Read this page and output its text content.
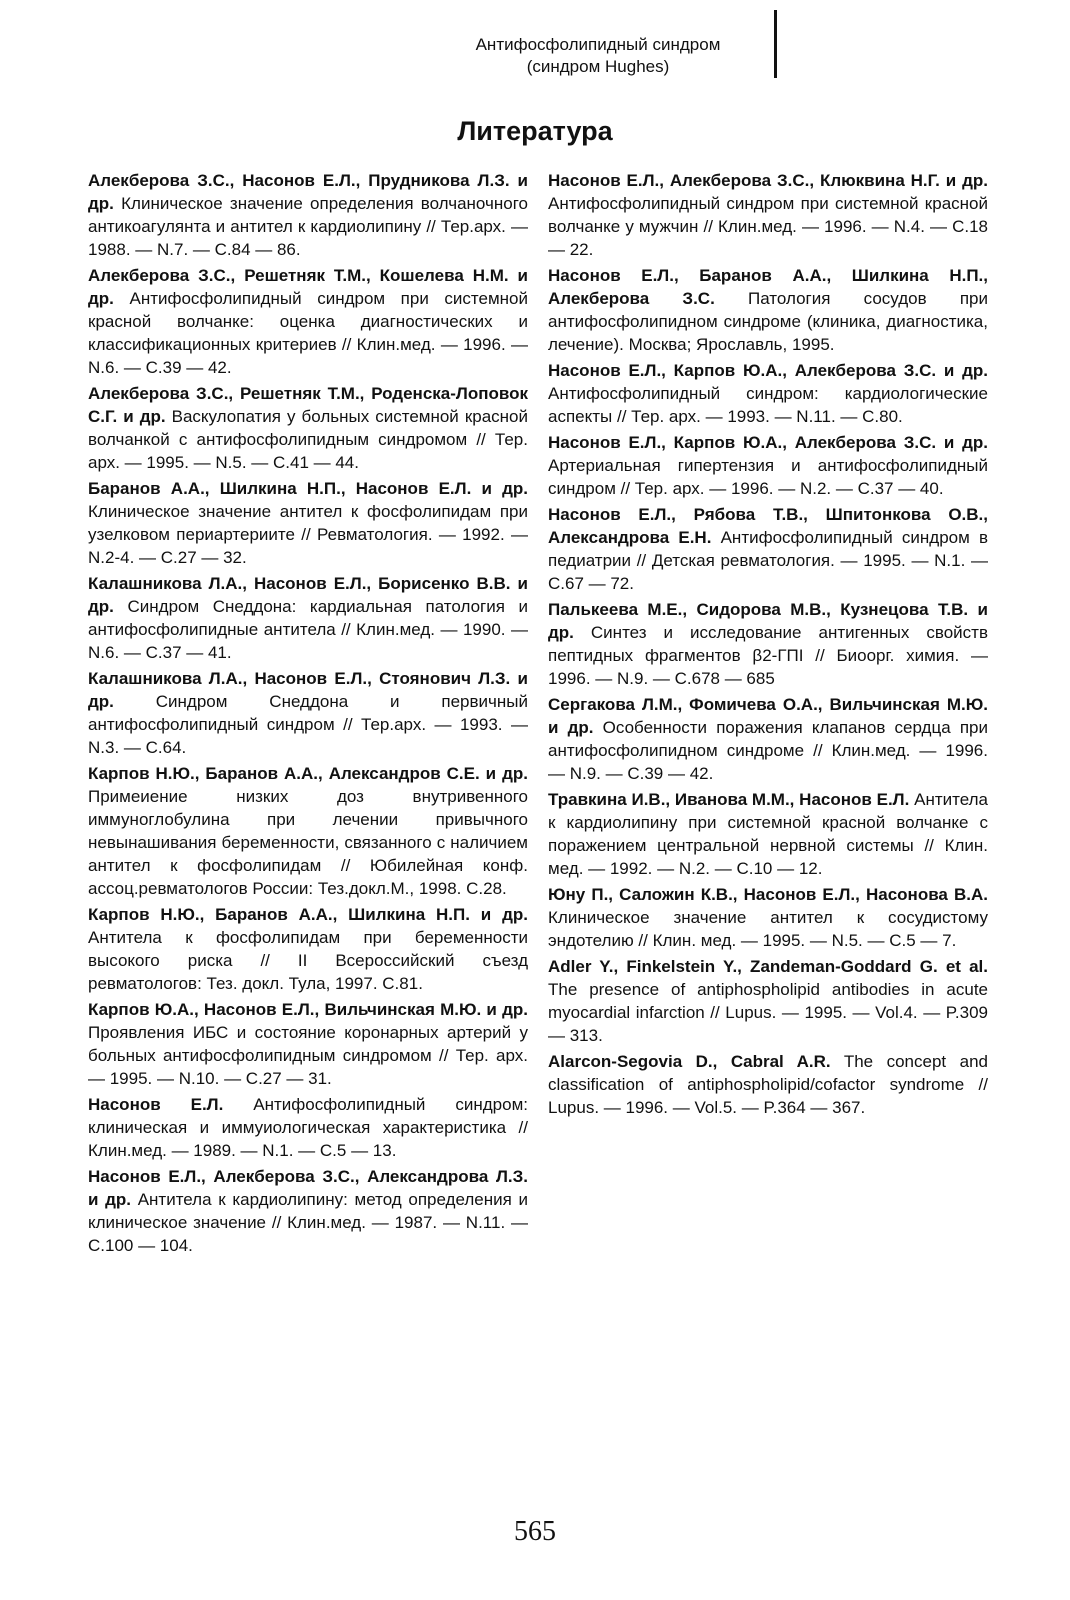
Антифосфолипидный синдром
(синдром Hughes)
Литература

Алекберова З.С., Насонов Е.Л., Прудникова Л.З. и др. Клиническое значение определения волчаночного антикоагулянта и антител к кардиолипину // Тер.арх. — 1988. — N.7. — С.84 — 86.

Алекберова З.С., Решетняк Т.М., Кошелева Н.М. и др. Антифосфолипидный синдром при системной красной волчанке: оценка диагностических и классификационных критериев // Клин.мед. — 1996. — N.6. — С.39 — 42.

Алекберова З.С., Решетняк Т.М., Роденска-Лоповок С.Г. и др. Васкулопатия у больных системной красной волчанкой с антифосфолипидным синдромом // Тер. арх. — 1995. — N.5. — С.41 — 44.

Баранов А.А., Шилкина Н.П., Насонов Е.Л. и др. Клиническое значение антител к фосфолипидам при узелковом периартериите // Ревматология. — 1992. — N.2-4. — С.27 — 32.

Калашникова Л.А., Насонов Е.Л., Борисенко В.В. и др. Синдром Снеддона: кардиальная патология и антифосфолипидные антитела // Клин.мед. — 1990. — N.6. — С.37 — 41.

Калашникова Л.А., Насонов Е.Л., Стоянович Л.З. и др. Синдром Снеддона и первичный антифосфолипидный синдром // Тер.арх. — 1993. — N.3. — С.64.

Карпов Н.Ю., Баранов А.А., Александров С.Е. и др. Примеиение низких доз внутривенного иммуноглобулина при лечении привычного невынашивания беременности, связанного с наличием антител к фосфолипидам // Юбилейная конф. ассоц.ревматологов России: Тез.докл.М., 1998. С.28.

Карпов Н.Ю., Баранов А.А., Шилкина Н.П. и др. Антитела к фосфолипидам при беременности высокого риска // II Всероссийский съезд ревматологов: Тез. докл. Тула, 1997. С.81.

Карпов Ю.А., Насонов Е.Л., Вильчинская М.Ю. и др. Проявления ИБС и состояние коронарных артерий у больных антифосфолипидным синдромом // Тер. арх. — 1995. — N.10. — С.27 — 31.

Насонов Е.Л. Антифосфолипидный синдром: клиническая и иммуиологическая характеристика // Клин.мед. — 1989. — N.1. — С.5 — 13.

Насонов Е.Л., Алекберова З.С., Александрова Л.З. и др. Антитела к кардиолипину: метод определения и клиническое значение // Клин.мед. — 1987. — N.11. — С.100 — 104.

Насонов Е.Л., Алекберова З.С., Клюквина Н.Г. и др. Антифосфолипидный синдром при системной красной волчанке у мужчин // Клин.мед. — 1996. — N.4. — С.18 — 22.

Насонов Е.Л., Баранов А.А., Шилкина Н.П., Алекберова З.С. Патология сосудов при антифосфолипидном синдроме (клиника, диагностика, лечение). Москва; Ярославль, 1995.

Насонов Е.Л., Карпов Ю.А., Алекберова З.С. и др. Антифосфолипидный синдром: кардиологические аспекты // Тер. арх. — 1993. — N.11. — С.80.

Насонов Е.Л., Карпов Ю.А., Алекберова З.С. и др. Артериальная гипертензия и антифосфолипидный синдром // Тер. арх. — 1996. — N.2. — С.37 — 40.

Насонов Е.Л., Рябова Т.В., Шпитонкова О.В., Александрова Е.Н. Антифосфолипидный синдром в педиатрии // Детская ревматология. — 1995. — N.1. — С.67 — 72.

Палькеева М.Е., Сидорова М.В., Кузнецова Т.В. и др. Синтез и исследование антигенных свойств пептидных фрагментов β2-ГПI // Биоорг. химия. — 1996. — N.9. — С.678 — 685

Сергакова Л.М., Фомичева О.А., Вильчинская М.Ю. и др. Особенности поражения клапанов сердца при антифосфолипидном синдроме // Клин.мед. — 1996. — N.9. — С.39 — 42.

Травкина И.В., Иванова М.М., Насонов Е.Л. Антитела к кардиолипину при системной красной волчанке с поражением центральной нервной системы // Клин. мед. — 1992. — N.2. — С.10 — 12.

Юну П., Саложин К.В., Насонов Е.Л., Насонова В.А. Клиническое значение антител к сосудистому эндотелию // Клин. мед. — 1995. — N.5. — С.5 — 7.

Adler Y., Finkelstein Y., Zandeman-Goddard G. et al. The presence of antiphospholipid antibodies in acute myocardial infarction // Lupus. — 1995. — Vol.4. — P.309 — 313.

Alarcon-Segovia D., Cabral A.R. The concept and classification of antiphospholipid/cofactor syndrome // Lupus. — 1996. — Vol.5. — P.364 — 367.

565
